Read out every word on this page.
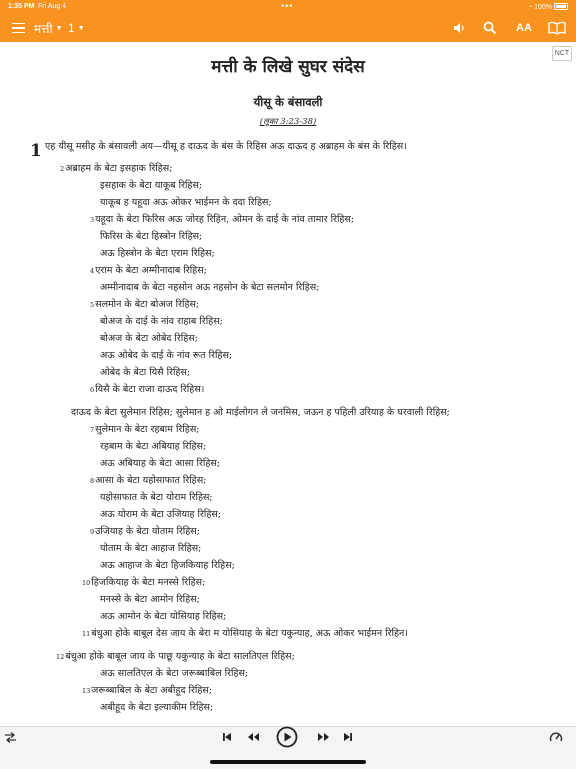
1:35 PM Fri Aug 4	•••	◔ 100%
मत्ती ▼ 1 ▼	AA
NCT
मत्ती के लिखे सुघर संदेस
यीसू के बंसावली
(लूका 3:23-38)
1 एह यीसू मसीह के बंसावली अय—यीसू ह दाऊद के बंस के रिहिस अऊ दाऊद ह अब्राहम के बंस के रिहिस।
$^2$अब्राहम के बेटा इसहाक रिहिस;
इसहाक के बेटा याकूब रिहिस;
याकूब ह यहूदा अऊ ओकर भाईमन के ददा रिहिस;
$^3$यहूदा के बेटा फिरिस अऊ जोरह रिहिन, ओमन के दाई के नांव तामार रिहिस;
फिरिस के बेटा हिस्त्रोन रिहिस;
अऊ हिस्त्रोन के बेटा एराम रिहिस;
$^4$एराम के बेटा अम्मीनादाब रिहिस;
अम्मीनादाब के बेटा नहसोन अऊ नहसोन के बेटा सलमोन रिहिस;
$^5$सलमोन के बेटा बोअज रिहिस;
बोअज के दाई के नांव राहाब रिहिस;
बोअज के बेटा ओबेद रिहिस;
अऊ ओबेद के दाई के नांव रूत रिहिस;
ओबेद के बेटा यिसै रिहिस;
$^6$यिसै के बेटा राजा दाऊद रिहिस।
दाऊद के बेटा सुलेमान रिहिस; सुलेमान ह ओ माईलोगन ले जनमिस, जऊन ह पहिली उरियाह के घरवाली रिहिस;
$^7$सुलेमान के बेटा रहबाम रिहिस;
रहबाम के बेटा अबियाह रिहिस;
अऊ अबियाह के बेटा आसा रिहिस;
$^8$आसा के बेटा यहोसाफात रिहिस;
यहोसाफात के बेटा योराम रिहिस;
अऊ योराम के बेटा उजियाह रिहिस;
$^9$उजियाह के बेटा योताम रिहिस;
योताम के बेटा आहाज रिहिस;
अऊ आहाज के बेटा हिजकियाह रिहिस;
$^{10}$हिजकियाह के बेटा मनस्से रिहिस;
मनस्से के बेटा आमोन रिहिस;
अऊ आमोन के बेटा योसियाह रिहिस;
$^{11}$बंधुआ होके बाबूल देस जाय के बेरा म योसियाह के बेटा यकुन्याह, अऊ ओकर भाईमन रिहिन।
$^{12}$बंधुआ होके बाबूल जाय के पाछू यकुन्याह के बेटा सालतिएल रिहिस;
अऊ सालतिएल के बेटा जरूब्बाबिल रिहिस;
$^{13}$जरूब्बाबिल के बेटा अबीहूद रिहिस;
अबीहूद के बेटा इल्याकीम रिहिस;
